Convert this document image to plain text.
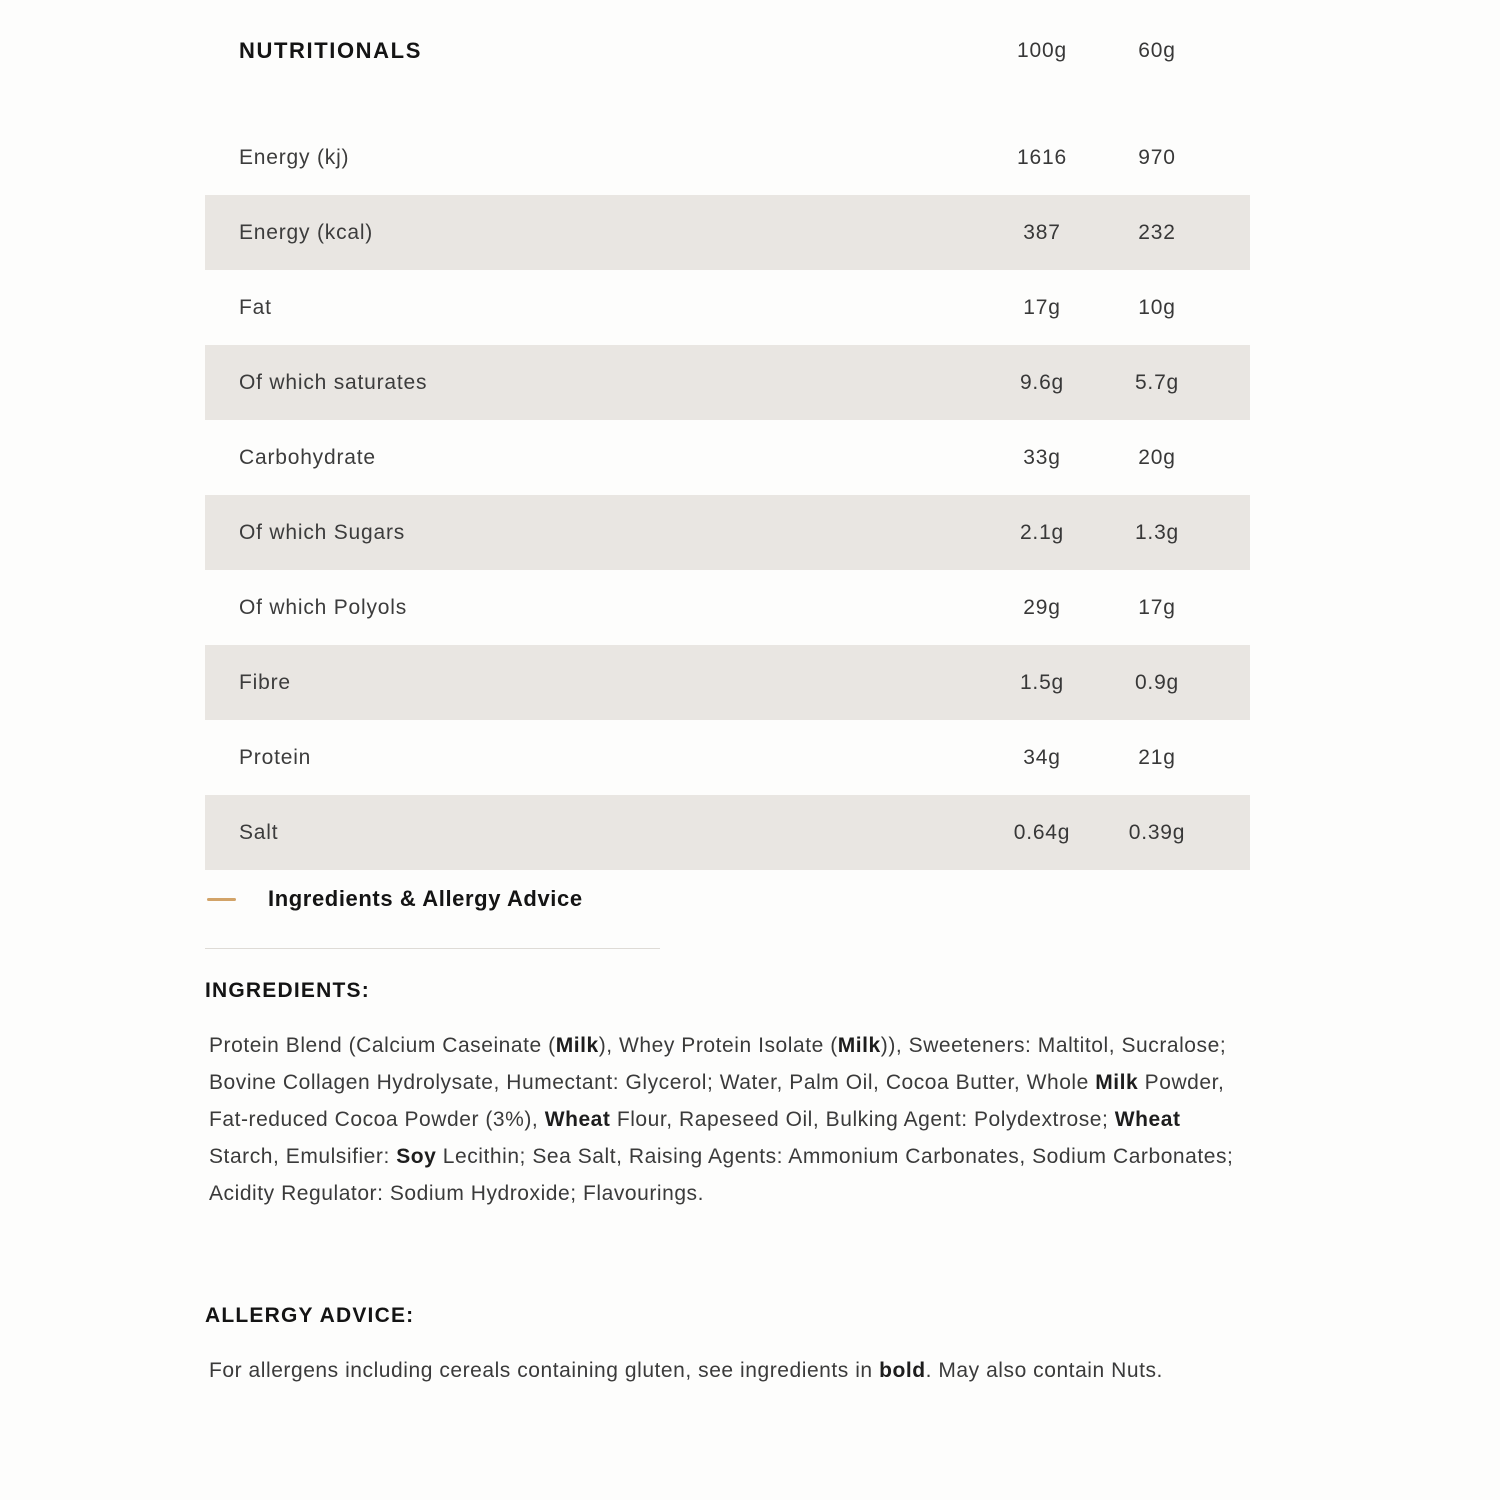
NUTRITIONALS	100g	60g
Energy (kj)	1616	970
Energy (kcal)	387	232
Fat	17g	10g
Of which saturates	9.6g	5.7g
Carbohydrate	33g	20g
Of which Sugars	2.1g	1.3g
Of which Polyols	29g	17g
Fibre	1.5g	0.9g
Protein	34g	21g
Salt	0.64g	0.39g
Ingredients & Allergy Advice
INGREDIENTS:

Protein Blend (Calcium Caseinate (Milk), Whey Protein Isolate (Milk)), Sweeteners: Maltitol, Sucralose; Bovine Collagen Hydrolysate, Humectant: Glycerol; Water, Palm Oil, Cocoa Butter, Whole Milk Powder, Fat-reduced Cocoa Powder (3%), Wheat Flour, Rapeseed Oil, Bulking Agent: Polydextrose; Wheat Starch, Emulsifier: Soy Lecithin; Sea Salt, Raising Agents: Ammonium Carbonates, Sodium Carbonates; Acidity Regulator: Sodium Hydroxide; Flavourings.

ALLERGY ADVICE:

For allergens including cereals containing gluten, see ingredients in bold. May also contain Nuts.
